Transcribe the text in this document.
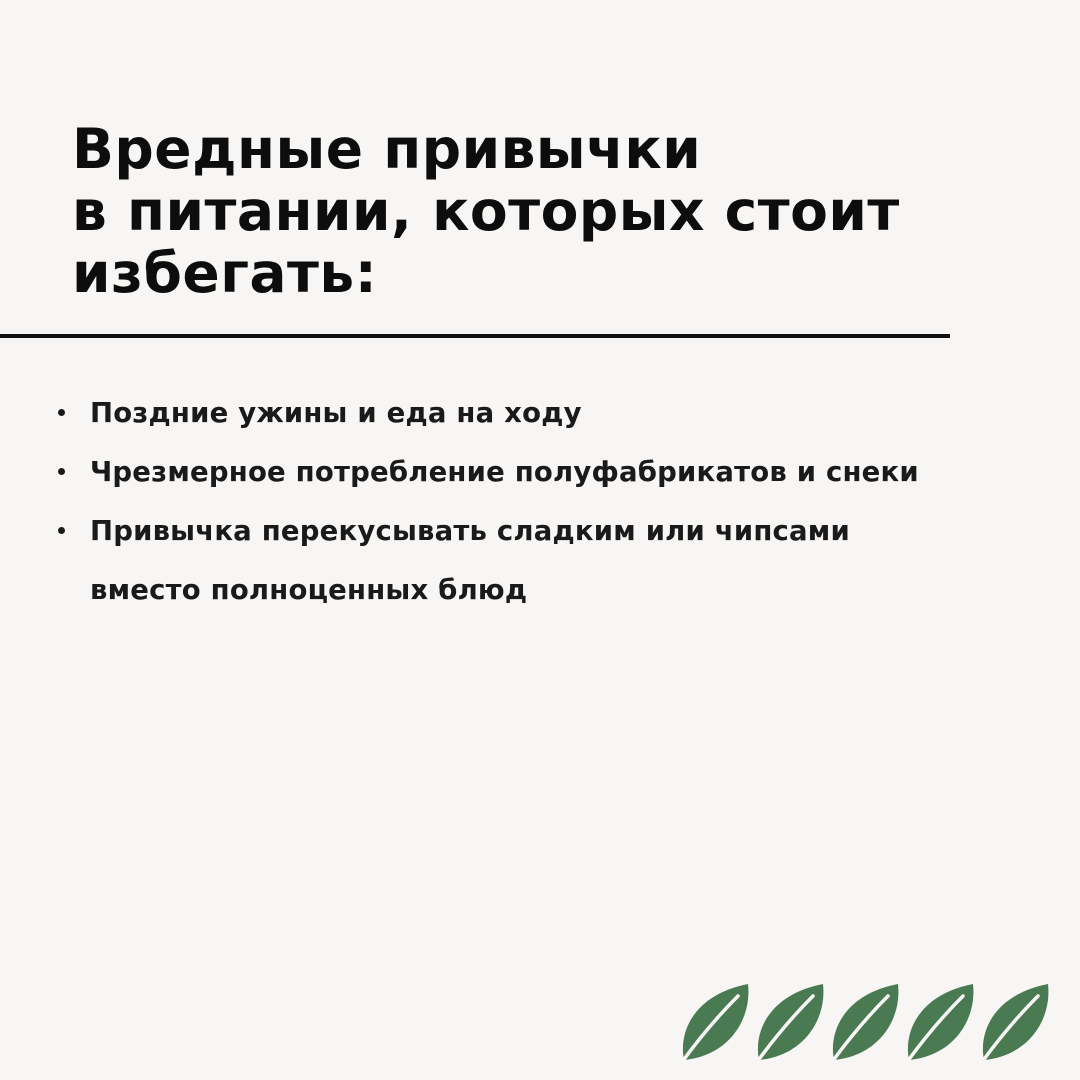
Вредные привычки
в питании, которых стоит
избегать:
Поздние ужины и еда на ходу
Чрезмерное потребление полуфабрикатов и снеки
Привычка перекусывать сладким или чипсами
вместо полноценных блюд
